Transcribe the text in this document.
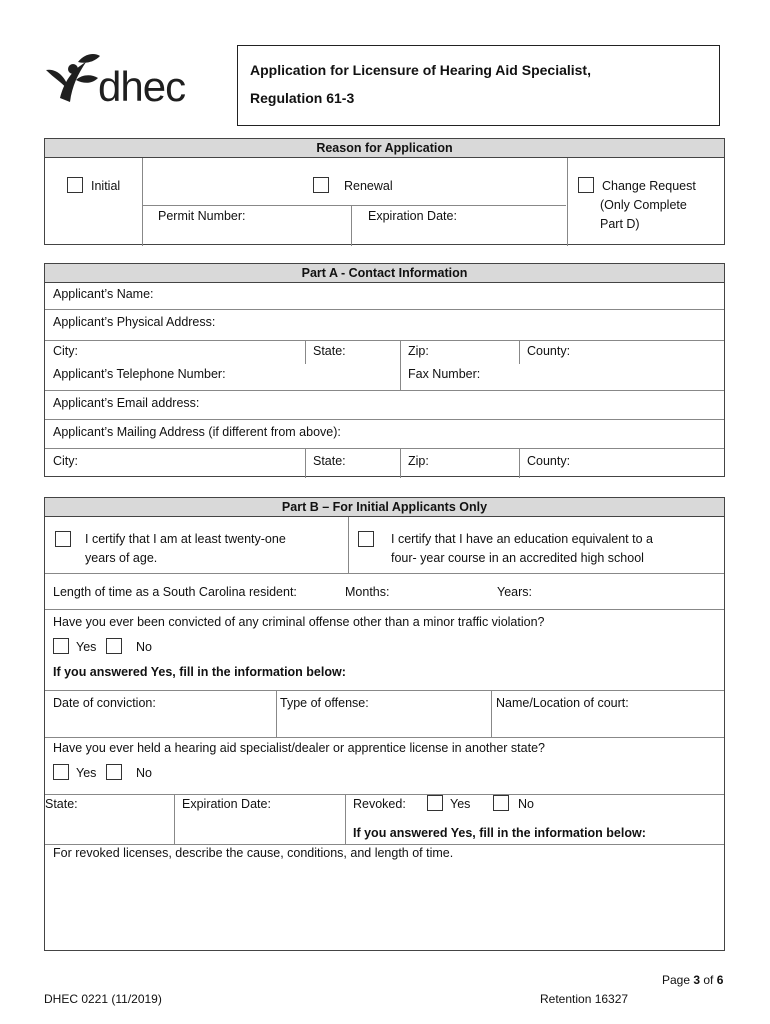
dhec	Application for Licensure of Hearing Aid Specialist,
Regulation 61-3
Reason for Application
Initial	Renewal
Permit Number:	Expiration Date:
Change Request
(Only Complete
Part D)
Part A - Contact Information
Applicant’s Name:
Applicant’s Physical Address:
City:	State:	Zip:	County:
Applicant’s Telephone Number:	Fax Number:
Applicant’s Email address:
Applicant’s Mailing Address (if different from above):
City:	State:	Zip:	County:
Part B – For Initial Applicants Only
I certify that I am at least twenty-one
years of age.
I certify that I have an education equivalent to a
four- year course in an accredited high school
Length of time as a South Carolina resident:	Months:	Years:
Have you ever been convicted of any criminal offense other than a minor traffic violation?
Yes	No
If you answered Yes, fill in the information below:
Date of conviction:	Type of offense:	Name/Location of court:
Have you ever held a hearing aid specialist/dealer or apprentice license in another state?
Yes	No
State:	Expiration Date:	Revoked:	Yes	No
If you answered Yes, fill in the information below:
For revoked licenses, describe the cause, conditions, and length of time.
Page 3 of 6
DHEC 0221 (11/2019)	Retention 16327
